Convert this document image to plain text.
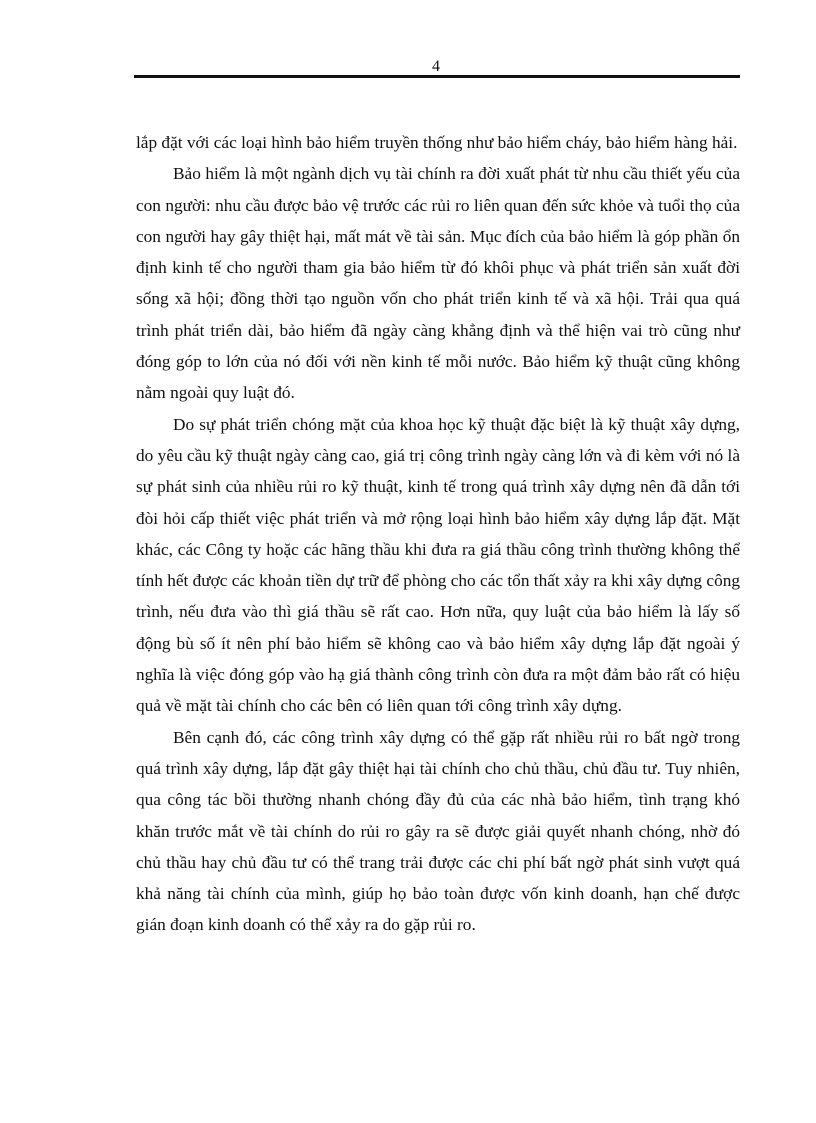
4

lắp đặt với các loại hình bảo hiểm truyền thống như bảo hiểm cháy, bảo hiểm hàng hải.

Bảo hiểm là một ngành dịch vụ tài chính ra đời xuất phát từ nhu cầu thiết yếu của con người: nhu cầu được bảo vệ trước các rủi ro liên quan đến sức khỏe và tuổi thọ của con người hay gây thiệt hại, mất mát về tài sản. Mục đích của bảo hiểm là góp phần ổn định kinh tế cho người tham gia bảo hiểm từ đó khôi phục và phát triển sản xuất đời sống xã hội; đồng thời tạo nguồn vốn cho phát triển kinh tế và xã hội. Trải qua quá trình phát triển dài, bảo hiểm đã ngày càng khẳng định và thể hiện vai trò cũng như đóng góp to lớn của nó đối với nền kinh tế mỗi nước. Bảo hiểm kỹ thuật cũng không nằm ngoài quy luật đó.

Do sự phát triển chóng mặt của khoa học kỹ thuật đặc biệt là kỹ thuật xây dựng, do yêu cầu kỹ thuật ngày càng cao, giá trị công trình ngày càng lớn và đi kèm với nó là sự phát sinh của nhiều rủi ro kỹ thuật, kinh tế trong quá trình xây dựng nên đã dẫn tới đòi hỏi cấp thiết việc phát triển và mở rộng loại hình bảo hiểm xây dựng lắp đặt. Mặt khác, các Công ty hoặc các hãng thầu khi đưa ra giá thầu công trình thường không thể tính hết được các khoản tiền dự trữ để phòng cho các tổn thất xảy ra khi xây dựng công trình, nếu đưa vào thì giá thầu sẽ rất cao. Hơn nữa, quy luật của bảo hiểm là lấy số động bù số ít nên phí bảo hiểm sẽ không cao và bảo hiểm xây dựng lắp đặt ngoài ý nghĩa là việc đóng góp vào hạ giá thành công trình còn đưa ra một đảm bảo rất có hiệu quả về mặt tài chính cho các bên có liên quan tới công trình xây dựng.

Bên cạnh đó, các công trình xây dựng có thể gặp rất nhiều rủi ro bất ngờ trong quá trình xây dựng, lắp đặt gây thiệt hại tài chính cho chủ thầu, chủ đầu tư. Tuy nhiên, qua công tác bồi thường nhanh chóng đầy đủ của các nhà bảo hiểm, tình trạng khó khăn trước mắt về tài chính do rủi ro gây ra sẽ được giải quyết nhanh chóng, nhờ đó chủ thầu hay chủ đầu tư có thể trang trải được các chi phí bất ngờ phát sinh vượt quá khả năng tài chính của mình, giúp họ bảo toàn được vốn kinh doanh, hạn chế được gián đoạn kinh doanh có thể xảy ra do gặp rủi ro.
